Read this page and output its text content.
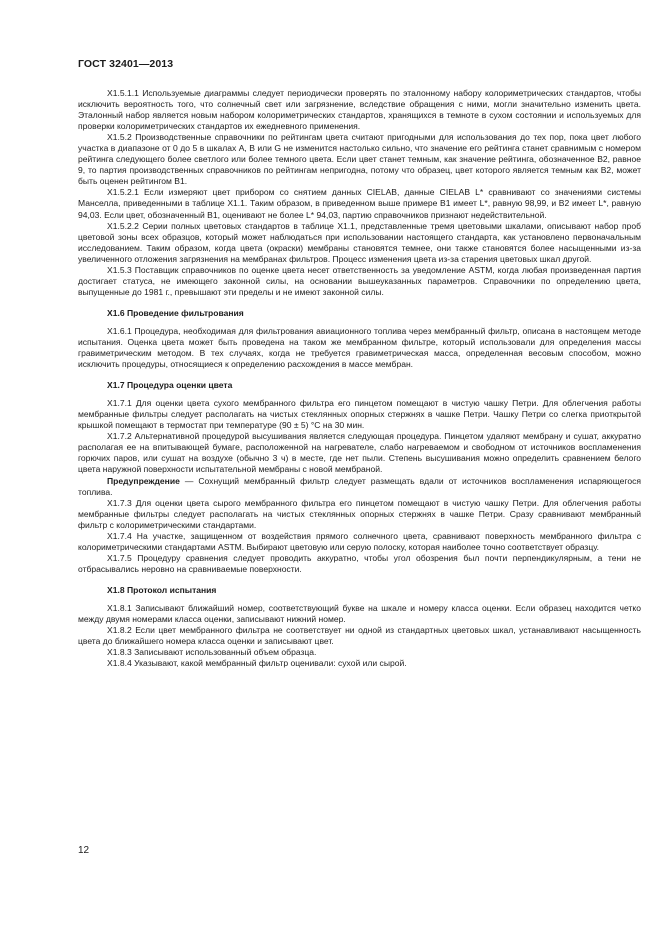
ГОСТ 32401—2013

X1.5.1.1 Используемые диаграммы следует периодически проверять по эталонному набору колориметрических стандартов, чтобы исключить вероятность того, что солнечный свет или загрязнение, вследствие обращения с ними, могли значительно изменить цвета. Эталонный набор является новым набором колориметрических стандартов, хранящихся в темноте в сухом состоянии и используемых для проверки колориметрических стандартов их ежедневного применения.

X1.5.2 Производственные справочники по рейтингам цвета считают пригодными для использования до тех пор, пока цвет любого участка в диапазоне от 0 до 5 в шкалах А, В или G не изменится настолько сильно, что значение его рейтинга станет сравнимым с номером рейтинга следующего более светлого или более темного цвета. Если цвет станет темным, как значение рейтинга, обозначенное В2, равное 9, то партия производственных справочников по рейтингам непригодна, потому что образец, цвет которого является темным как В2, может быть оценен рейтингом В1.

X1.5.2.1 Если измеряют цвет прибором со снятием данных CIELAB, данные CIELAB L* сравнивают со значениями системы Манселла, приведенными в таблице X1.1. Таким образом, в приведенном выше примере В1 имеет L*, равную 98,99, и В2 имеет L*, равную 94,03. Если цвет, обозначенный В1, оценивают не более L* 94,03, партию справочников признают недействительной.

X1.5.2.2 Серии полных цветовых стандартов в таблице X1.1, представленные тремя цветовыми шкалами, описывают набор проб цветовой зоны всех образцов, который может наблюдаться при использовании настоящего стандарта, как установлено первоначальным исследованием. Таким образом, когда цвета (окраски) мембраны становятся темнее, они также становятся более насыщенными из-за увеличенного отложения загрязнения на мембранах фильтров. Процесс изменения цвета из-за старения цветовых шкал другой.

X1.5.3 Поставщик справочников по оценке цвета несет ответственность за уведомление ASTM, когда любая произведенная партия достигает статуса, не имеющего законной силы, на основании вышеуказанных параметров. Справочники по определению цвета, выпущенные до 1981 г., превышают эти пределы и не имеют законной силы.

X1.6 Проведение фильтрования

X1.6.1 Процедура, необходимая для фильтрования авиационного топлива через мембранный фильтр, описана в настоящем методе испытания. Оценка цвета может быть проведена на таком же мембранном фильтре, который использовали для определения массы гравиметрическим методом. В тех случаях, когда не требуется гравиметрическая масса, определенная весовым способом, можно исключить процедуры, относящиеся к определению расхождения в массе мембран.

X1.7 Процедура оценки цвета

X1.7.1 Для оценки цвета сухого мембранного фильтра его пинцетом помещают в чистую чашку Петри. Для облегчения работы мембранные фильтры следует располагать на чистых стеклянных опорных стержнях в чашке Петри. Чашку Петри со слегка приоткрытой крышкой помещают в термостат при температуре (90 ± 5) °С на 30 мин.

X1.7.2 Альтернативной процедурой высушивания является следующая процедура. Пинцетом удаляют мембрану и сушат, аккуратно располагая ее на впитывающей бумаге, расположенной на нагревателе, слабо нагреваемом и свободном от источников воспламенения горючих паров, или сушат на воздухе (обычно 3 ч) в месте, где нет пыли. Степень высушивания можно определить сравнением белого цвета наружной поверхности испытательной мембраны с новой мембраной.

Предупреждение — Сохнущий мембранный фильтр следует размещать вдали от источников воспламенения испаряющегося топлива.

X1.7.3 Для оценки цвета сырого мембранного фильтра его пинцетом помещают в чистую чашку Петри. Для облегчения работы мембранные фильтры следует располагать на чистых стеклянных опорных стержнях в чашке Петри. Сразу сравнивают мембранный фильтр с колориметрическими стандартами.

X1.7.4 На участке, защищенном от воздействия прямого солнечного цвета, сравнивают поверхность мембранного фильтра с колориметрическими стандартами ASTM. Выбирают цветовую или серую полоску, которая наиболее точно соответствует образцу.

X1.7.5 Процедуру сравнения следует проводить аккуратно, чтобы угол обозрения был почти перпендикулярным, а тени не отбрасывались неровно на сравниваемые поверхности.

X1.8 Протокол испытания

X1.8.1 Записывают ближайший номер, соответствующий букве на шкале и номеру класса оценки. Если образец находится четко между двумя номерами класса оценки, записывают нижний номер.

X1.8.2 Если цвет мембранного фильтра не соответствует ни одной из стандартных цветовых шкал, устанавливают насыщенность цвета до ближайшего номера класса оценки и записывают цвет.

X1.8.3 Записывают использованный объем образца.

X1.8.4 Указывают, какой мембранный фильтр оценивали: сухой или сырой.

12
